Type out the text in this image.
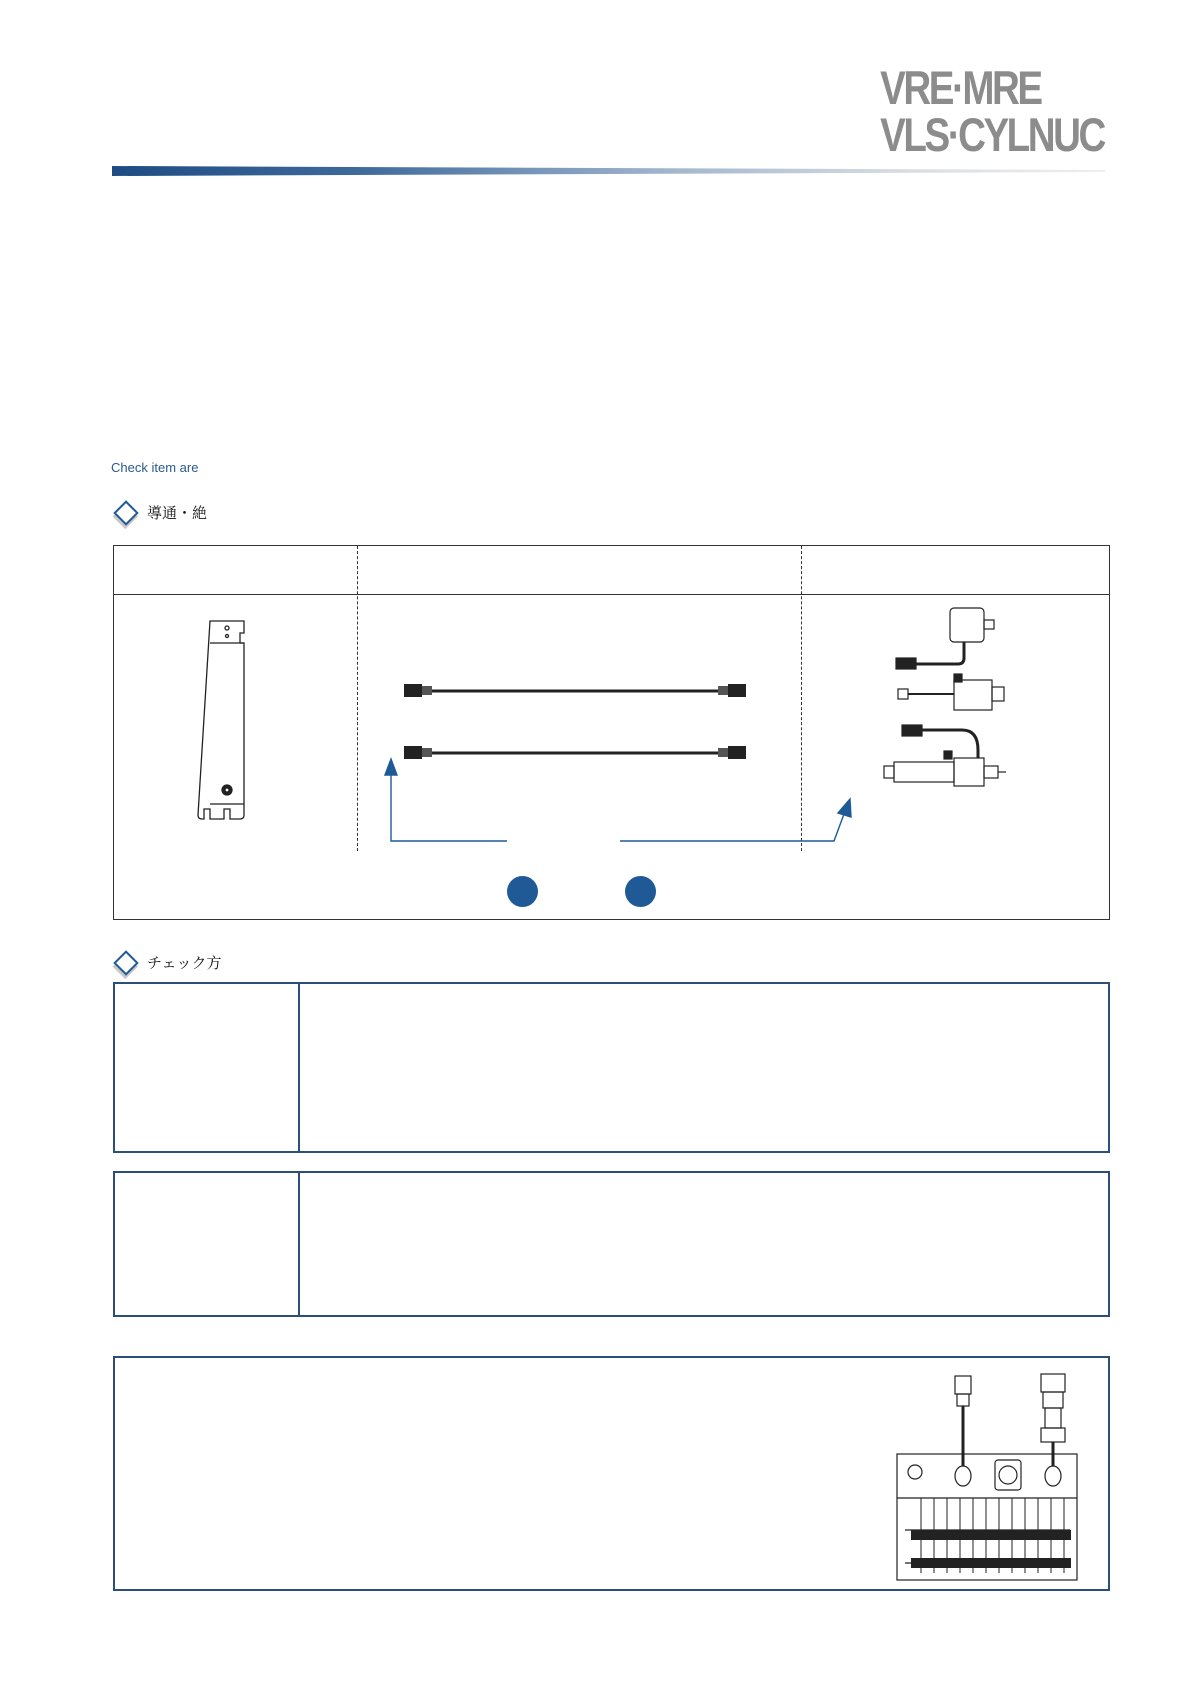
VRE·MRE
VLS·CYLNUC
Check item are
導通・絶
チェック方
